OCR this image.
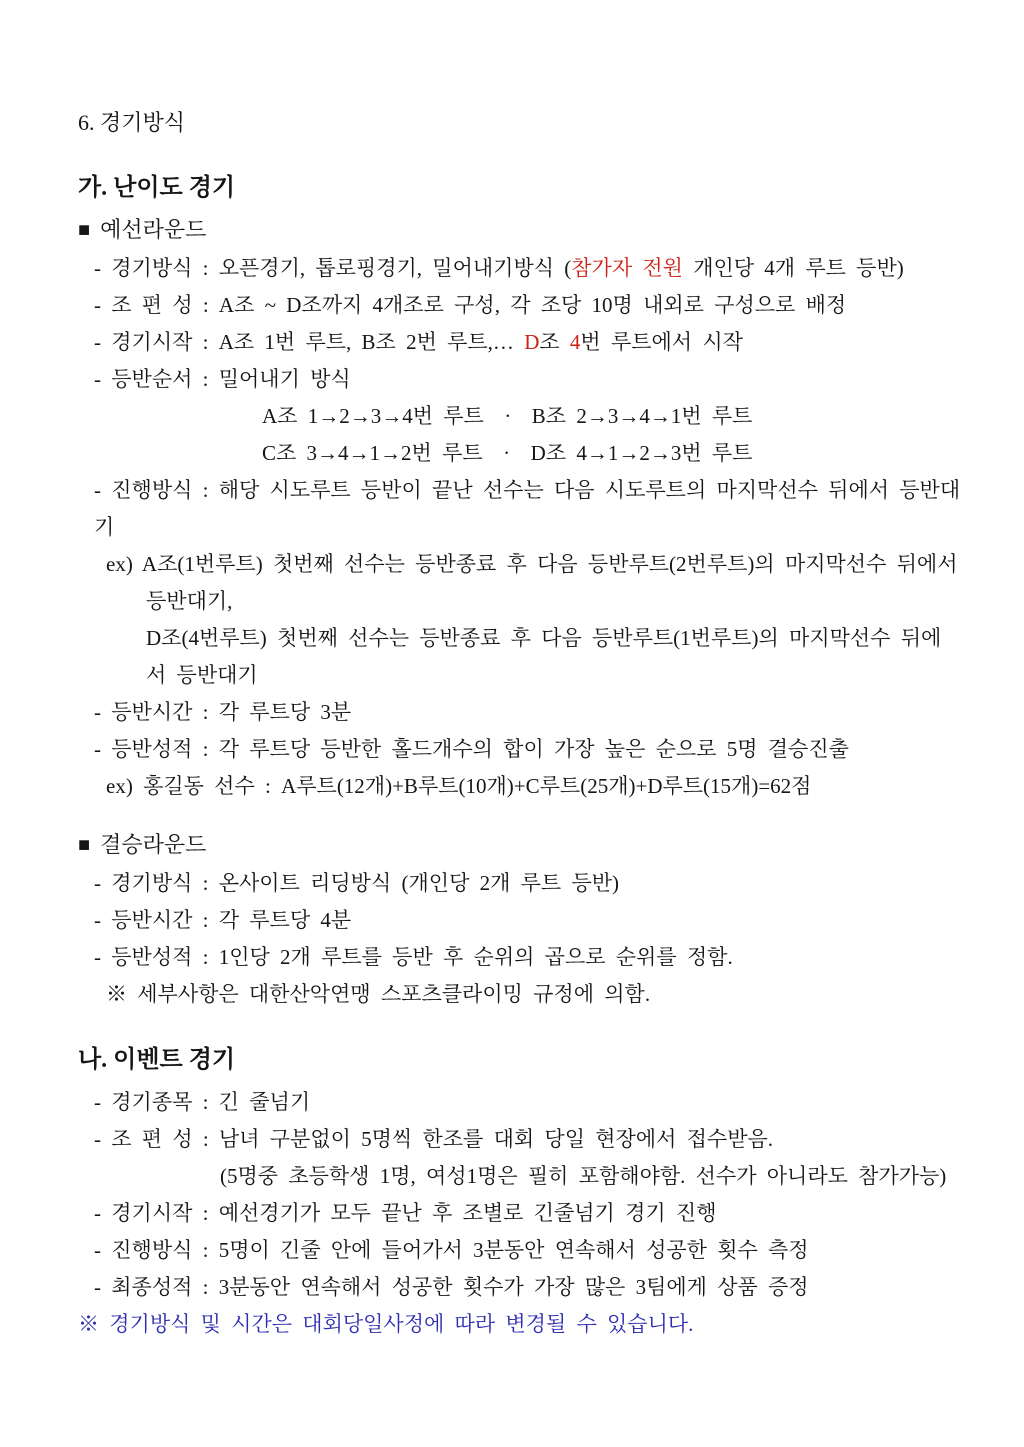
6. 경기방식
가. 난이도 경기
■ 예선라운드
- 경기방식 : 오픈경기, 톱로핑경기, 밀어내기방식 (참가자 전원 개인당 4개 루트 등반)
- 조 편 성 : A조 ~ D조까지 4개조로 구성, 각 조당 10명 내외로 구성으로 배정
- 경기시작 : A조 1번 루트, B조 2번 루트,… D조 4번 루트에서 시작
- 등반순서 : 밀어내기 방식
A조 1→2→3→4번 루트  ·  B조 2→3→4→1번 루트
C조 3→4→1→2번 루트  ·  D조 4→1→2→3번 루트
- 진행방식 : 해당 시도루트 등반이 끝난 선수는 다음 시도루트의 마지막선수 뒤에서 등반대기
ex) A조(1번루트) 첫번째 선수는 등반종료 후 다음 등반루트(2번루트)의 마지막선수 뒤에서
등반대기,
D조(4번루트) 첫번째 선수는 등반종료 후 다음 등반루트(1번루트)의 마지막선수 뒤에
서 등반대기
- 등반시간 : 각 루트당 3분
- 등반성적 : 각 루트당 등반한 홀드개수의 합이 가장 높은 순으로 5명 결승진출
ex) 홍길동 선수 : A루트(12개)+B루트(10개)+C루트(25개)+D루트(15개)=62점
■ 결승라운드
- 경기방식 : 온사이트 리딩방식 (개인당 2개 루트 등반)
- 등반시간 : 각 루트당 4분
- 등반성적 : 1인당 2개 루트를 등반 후 순위의 곱으로 순위를 정함.
※ 세부사항은 대한산악연맹 스포츠클라이밍 규정에 의함.
나. 이벤트 경기
- 경기종목 : 긴 줄넘기
- 조 편 성 : 남녀 구분없이 5명씩 한조를 대회 당일 현장에서 접수받음.
(5명중 초등학생 1명, 여성1명은 필히 포함해야함. 선수가 아니라도 참가가능)
- 경기시작 : 예선경기가 모두 끝난 후 조별로 긴줄넘기 경기 진행
- 진행방식 : 5명이 긴줄 안에 들어가서 3분동안 연속해서 성공한 횟수 측정
- 최종성적 : 3분동안 연속해서 성공한 횟수가 가장 많은 3팀에게 상품 증정
※ 경기방식 및 시간은 대회당일사정에 따라 변경될 수 있습니다.
